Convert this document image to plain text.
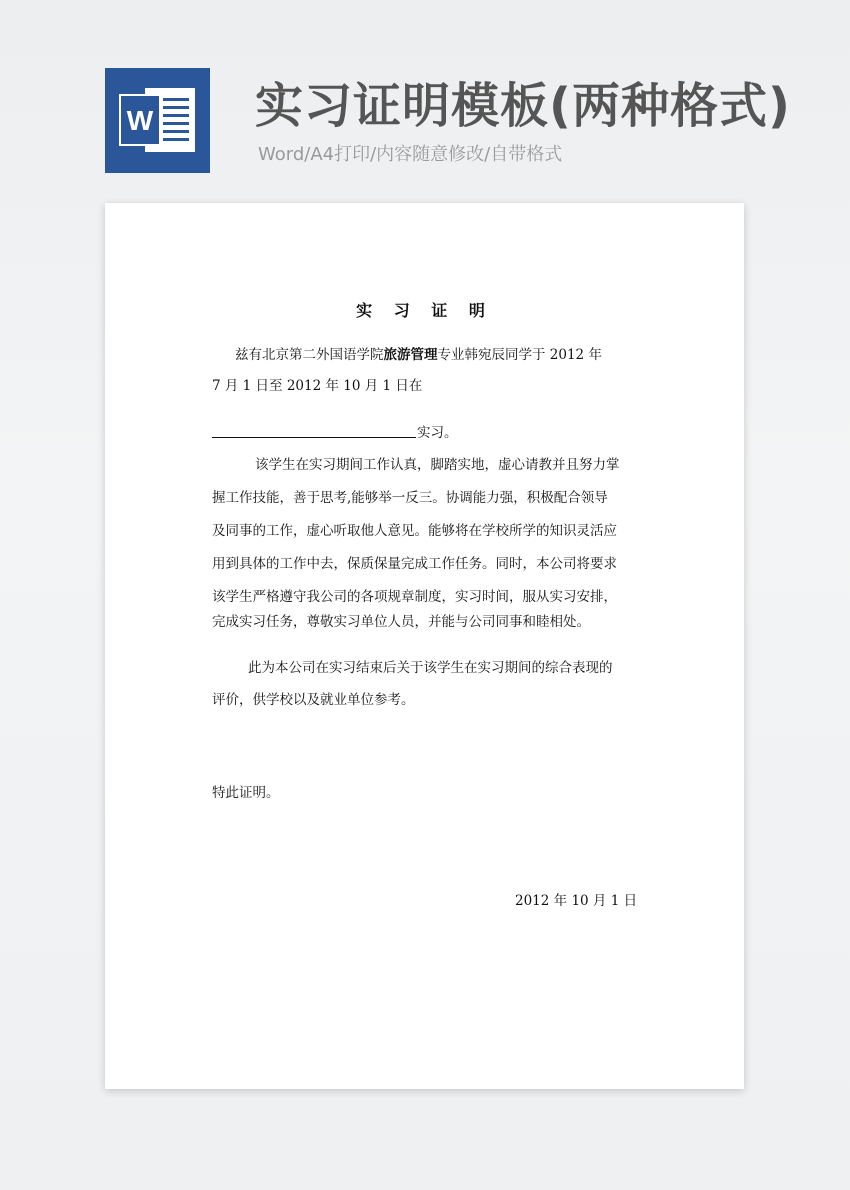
W 实习证明模板(两种格式)
Word/A4打印/内容随意修改/自带格式
实 习 证 明
兹有北京第二外国语学院旅游管理专业韩宛辰同学于 2012 年
7 月 1 日至 2012 年 10 月 1 日在
实习。
该学生在实习期间工作认真，脚踏实地，虚心请教并且努力掌
握工作技能，善于思考,能够举一反三。协调能力强，积极配合领导
及同事的工作，虚心听取他人意见。能够将在学校所学的知识灵活应
用到具体的工作中去，保质保量完成工作任务。同时，本公司将要求
该学生严格遵守我公司的各项规章制度，实习时间，服从实习安排，
完成实习任务，尊敬实习单位人员，并能与公司同事和睦相处。
此为本公司在实习结束后关于该学生在实习期间的综合表现的
评价，供学校以及就业单位参考。
特此证明。
2012 年 10 月 1 日
